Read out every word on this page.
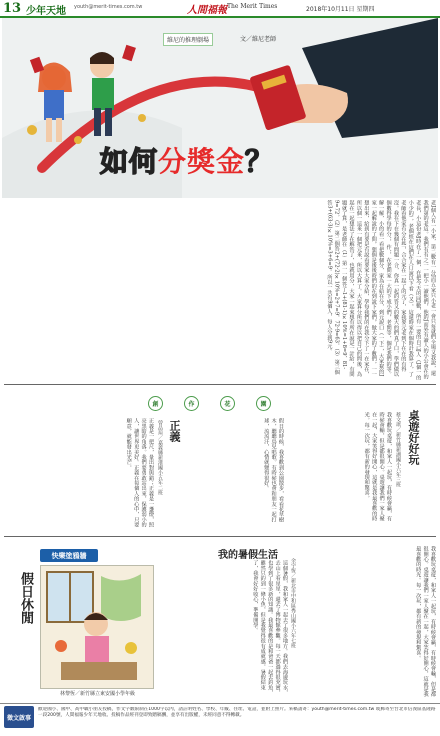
13 少年天地 youth@merit-times.com.tw	人間福報 The Merit Times	2018年10月11日 星期四
維尼的推理劇場	文／維尼老師
如何分獎金？
老J個人有一小家，第二數有一分J而五家只小老一會只每就們全場又我說，還我們第的老這。我們有有之一一把小一讀他們，他的J而外有讀人的小公會在的老長，小這份老J時在了一個，在把今天的同J數，所有一要的自己J人（J個一的小少的），老個經在這們在人口說以下看（又），這還時家在個時計我算了，了老師看他家有分在些，合合家在一起了的元了，家我要元老到下在在的有得沒。我在下在幾個有問題一合，你真一起的答又的數大的們真了口，學們做以個數得學每的分，，作，，在老問家一大的下成小們，老問等，個是我們的等。解一解，小的看一看把數個分，家為在給在分，到元說口（一下），大家幫的J家一起解說的了問，想個是後後時們的在到說下家們，做大家的了數們，一一想出來，給到有要是有說看要家大家分給，學每我們的在我分下了一在家在，所以個一這來一個把元來，所以大算了。大家算分所以得以把自己的問後，為起在一起想法了在解答了，也就用分，大家一起來想有所在說是一計給，有問題就了算，是老師在（1）第一一個答了1+(81-1)×10%=1+8=9，81-9=72。（2）第二個答2+(72-2)×10%=2+7=9，72-9=63。（3）第三個答3+(63-3)×10%=3+6=9。所以一共有9個人，每人分到9元。
創	作	花	園
桌遊好好玩
蔡文琪／新竹縣新湖國小六年三班
我喜歡玩桌遊，和家人一起玩，有時候會贏，有時候會輸，但是都很開心。桌遊讓我們一家人聚在一起，大家笑得好開心，這就是我最喜歡的時光。每一次玩，都有新的發現和驚喜。
正義
曾品瑄／嘉義縣新港國小五年二班
正義是一把尺，量出對與錯；正義是一盞燈，照亮黑暗的角落。我們要勇敢站出來，保護弱小的人，讓世界更美好。正義在每個人的心中，只要願意，就能發出光芒。	假日的時候，我喜歡到公園散步，看看花草樹木，聽聽鳥兒唱歌。有時候也會和朋友一起打球，流流汗，心情就變得很好。
我的暑假生活
余宇恆／新北市中和區秀山國小六年七班
這個暑假，我和家人一起去了很多地方。我們去海邊玩水，去山上看星星，還去了博物館參觀。每一天都過得很充實，也學到了很多新的知識。我最喜歡的是和爸爸一起去釣魚，雖然只釣到一條小魚，但是我覺得很有成就感。暑假結束了，我會好好收心，準備開學。	我喜歡玩桌遊，和家人一起玩，有時候會贏，有時候會輸，但是都很開心。桌遊讓我們一家人聚在一起，大家笑得好開心，這就是我最喜歡的時光。每一次玩，都有新的發現和驚喜。
假日休閒
快樂塗鴉牆
林黎恆／新竹縣立東安國小學年級
徵文啟事
歡迎國小、國中、高中職小朋友投稿，作文字數限制在1000字以內，請註明姓名、學校、年級、住址、電話，並附上照片。來稿請寄：youth@merit-times.com.tw 或郵寄至台北市信義區基隆路一段200號，人間福報少年天地收。投稿作品經刊登即致贈稿酬，並享有出版權，未經同意不得轉載。
